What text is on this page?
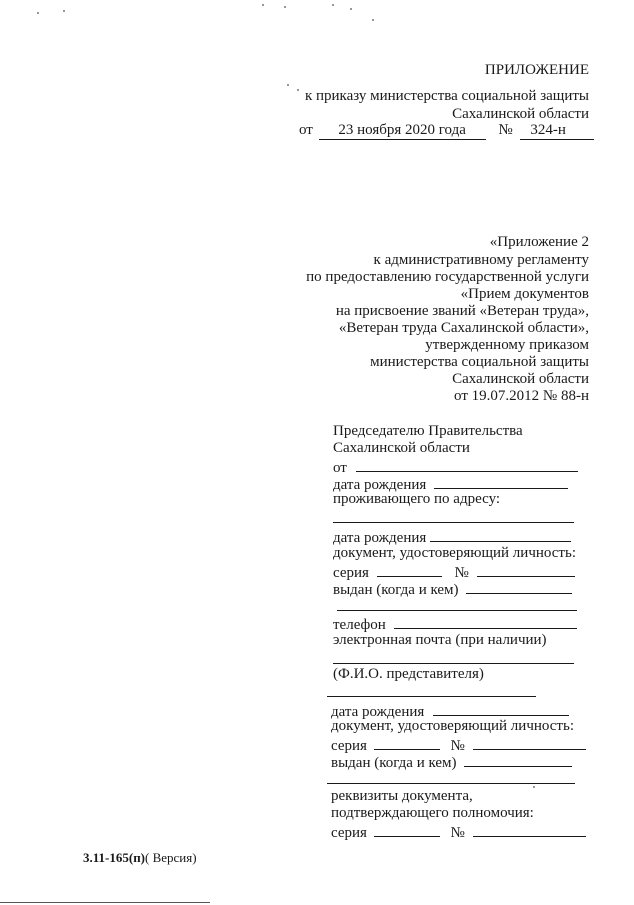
ПРИЛОЖЕНИЕ
к приказу министерства социальной защиты
Сахалинской области
от 23 ноября 2020 года № 324-н
«Приложение 2
к административному регламенту
по предоставлению государственной услуги
«Прием документов
на присвоение званий «Ветеран труда»,
«Ветеран труда Сахалинской области»,
утвержденному приказом
министерства социальной защиты
Сахалинской области
от 19.07.2012 № 88-н
Председателю Правительства
Сахалинской области
от
дата рождения
проживающего по адресу:
дата рождения
документ, удостоверяющий личность:
серия	№
выдан (когда и кем)
телефон
электронная почта (при наличии)
(Ф.И.О. представителя)
дата рождения
документ, удостоверяющий личность:
серия	№
выдан (когда и кем)
реквизиты документа,
подтверждающего полномочия:
серия	№
3.11-165(п)( Версия)
